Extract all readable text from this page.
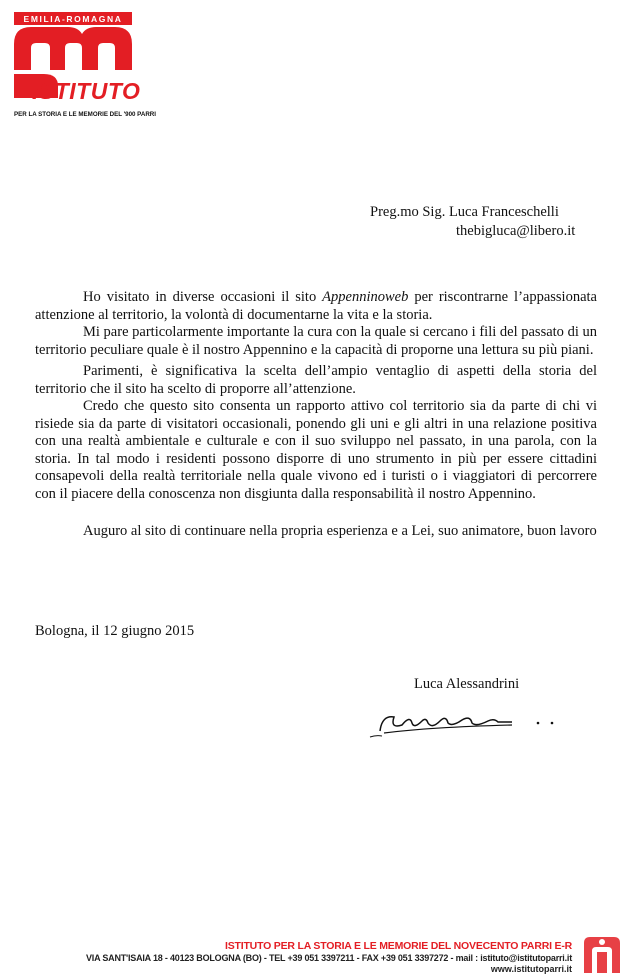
EMILIA-ROMAGNA
ISTITUTO
PER LA STORIA E LE MEMORIE DEL '900 PARRI
Preg.mo Sig. Luca Franceschelli
thebigluca@libero.it

Ho visitato in diverse occasioni il sito Appenninoweb per riscontrarne l’appassionata attenzione al territorio, la volontà di documentarne la vita e la storia.

Mi pare particolarmente importante la cura con la quale si cercano i fili del passato di un territorio peculiare quale è il nostro Appennino e la capacità di proporne una lettura su più piani.

Parimenti, è significativa la scelta dell’ampio ventaglio di aspetti della storia del territorio che il sito ha scelto di proporre all’attenzione.

Credo che questo sito consenta un rapporto attivo col territorio sia da parte di chi vi risiede sia da parte di visitatori occasionali, ponendo gli uni e gli altri in una relazione positiva con una realtà ambientale e culturale e con il suo sviluppo nel passato, in una parola, con la storia. In tal modo i residenti possono disporre di uno strumento in più per essere cittadini consapevoli della realtà territoriale nella quale vivono ed i turisti o i viaggiatori di percorrere con il piacere della conoscenza non disgiunta dalla responsabilità il nostro Appennino.

Auguro al sito di continuare nella propria esperienza e a Lei, suo animatore, buon lavoro

Bologna, il 12 giugno 2015
Luca Alessandrini
ISTITUTO PER LA STORIA E LE MEMORIE DEL NOVECENTO PARRI E-R
VIA SANT'ISAIA 18 - 40123 BOLOGNA (BO) - TEL +39 051 3397211 - FAX +39 051 3397272 - mail : istituto@istitutoparri.it
www.istitutoparri.it
